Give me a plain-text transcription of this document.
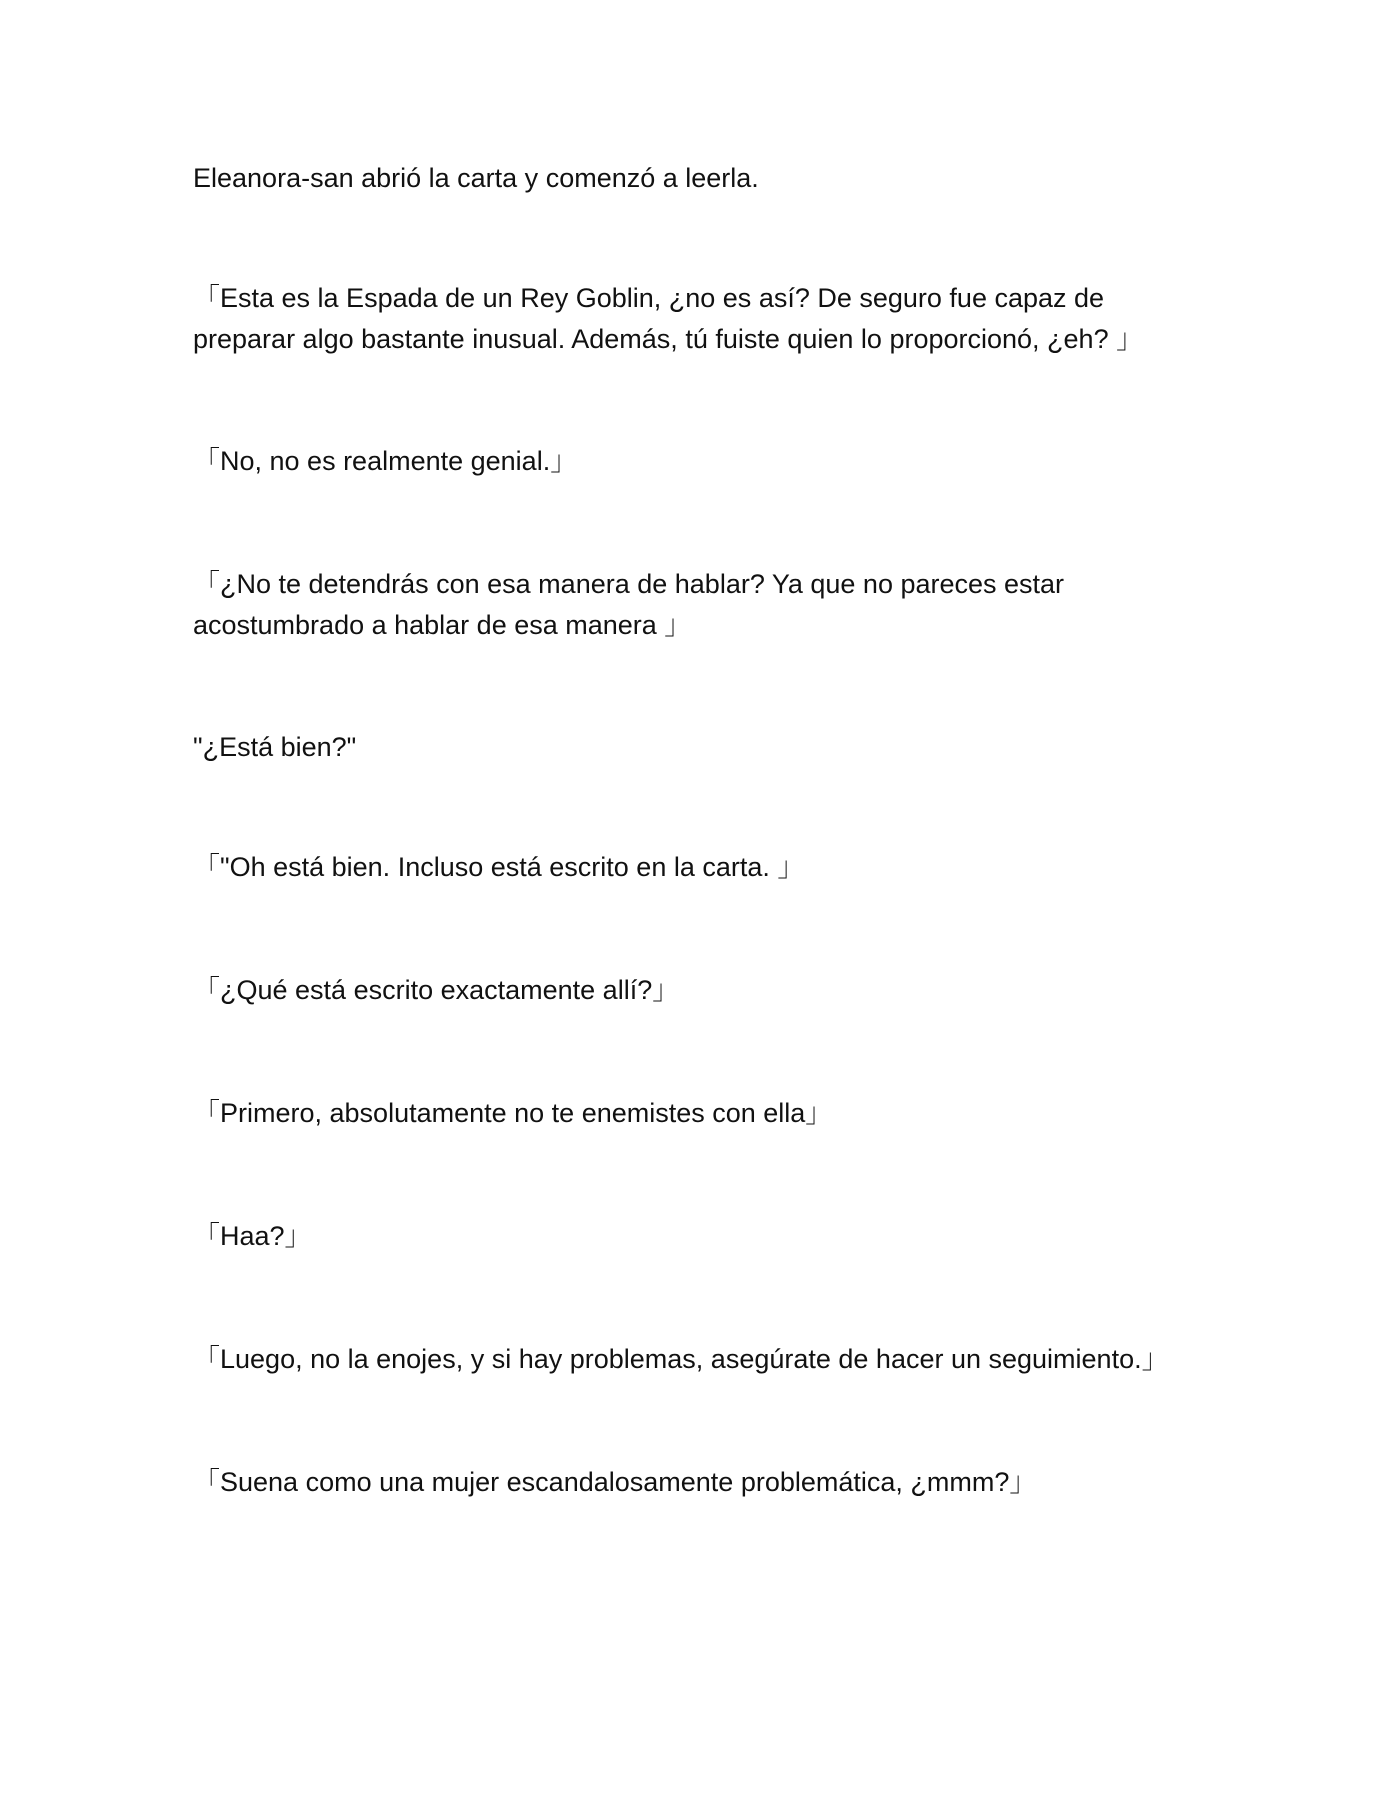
Eleanora-san abrió la carta y comenzó a leerla.

「Esta es la Espada de un Rey Goblin, ¿no es así? De seguro fue capaz de preparar algo bastante inusual. Además, tú fuiste quien lo proporcionó, ¿eh? 」

「No, no es realmente genial.」

「¿No te detendrás con esa manera de hablar? Ya que no pareces estar acostumbrado a hablar de esa manera 」

"¿Está bien?"

「"Oh está bien. Incluso está escrito en la carta. 」

「¿Qué está escrito exactamente allí?」

「Primero, absolutamente no te enemistes con ella」

「Haa?」

「Luego, no la enojes, y si hay problemas, asegúrate de hacer un seguimiento.」

「Suena como una mujer escandalosamente problemática, ¿mmm?」
